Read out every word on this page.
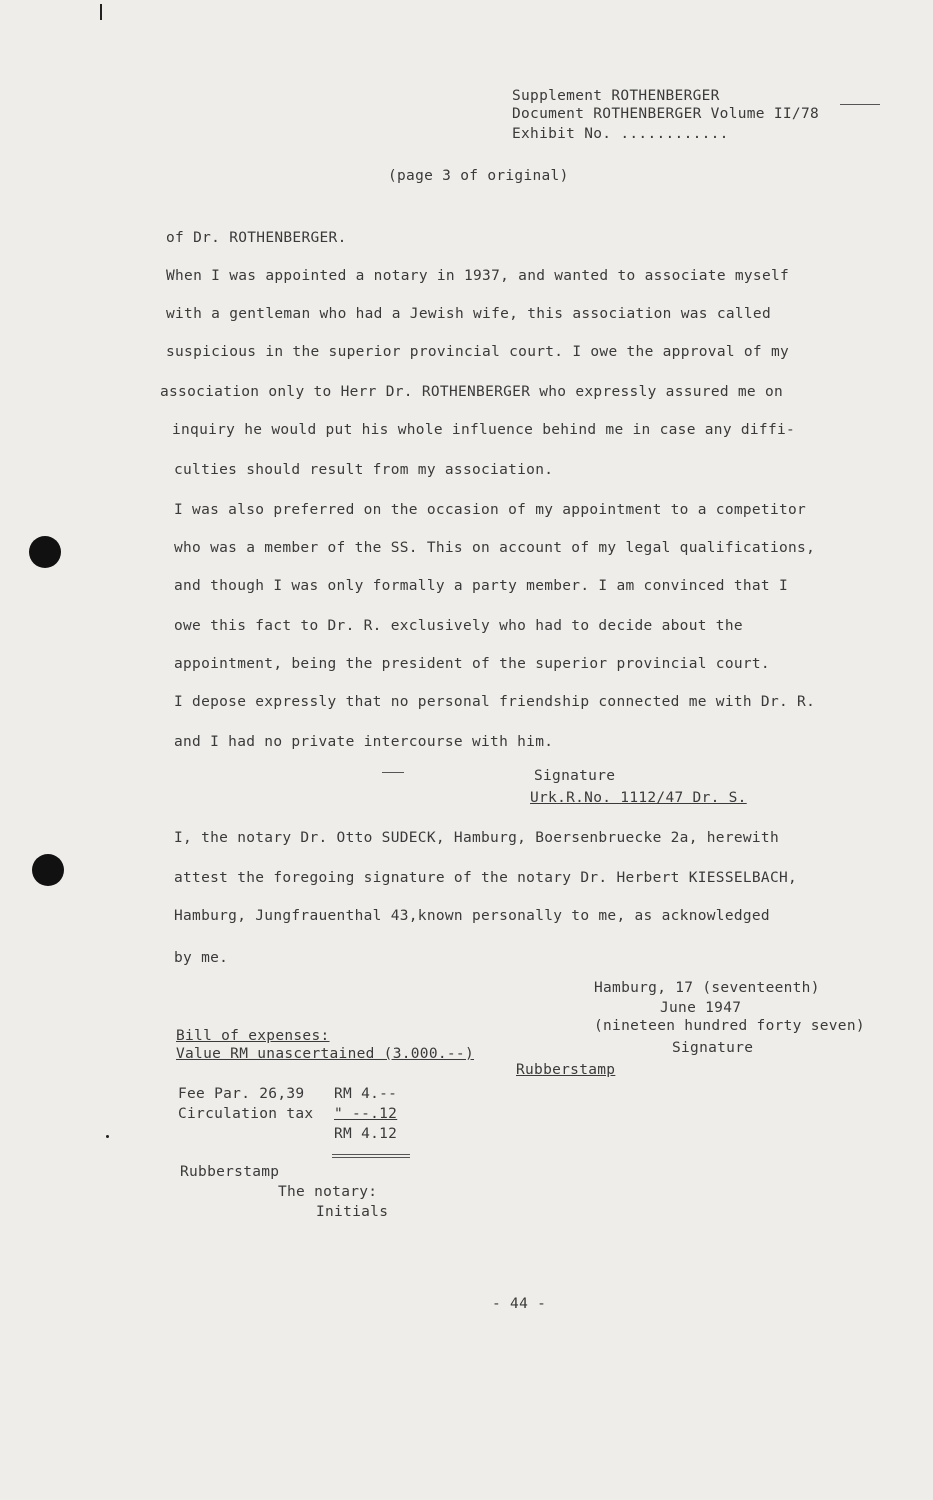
Supplement ROTHENBERGER
Document ROTHENBERGER Volume II/78
Exhibit No. ............
(page 3 of original)
of Dr. ROTHENBERGER.
When I was appointed a notary in 1937, and wanted to associate myself
with a gentleman who had a Jewish wife, this association was called
suspicious in the superior provincial court. I owe the approval of my
association only to Herr Dr. ROTHENBERGER who expressly assured me on
inquiry he would put his whole influence behind me in case any diffi-
culties should result from my association.
I was also preferred on the occasion of my appointment to a competitor
who was a member of the SS. This on account of my legal qualifications,
and though I was only formally a party member. I am convinced that I
owe this fact to Dr. R. exclusively who had to decide about the
appointment, being the president of the superior provincial court.
I depose expressly that no personal friendship connected me with Dr. R.
and I had no private intercourse with him.
Signature
Urk.R.No. 1112/47 Dr. S.
I, the notary Dr. Otto SUDECK, Hamburg, Boersenbruecke 2a, herewith
attest the foregoing signature of the notary Dr. Herbert KIESSELBACH,
Hamburg, Jungfrauenthal 43,known personally to me, as acknowledged
by me.
Hamburg, 17 (seventeenth)
June 1947
(nineteen hundred forty seven)
Signature
Rubberstamp
Bill of expenses:
Value RM unascertained (3.000.--)
Fee Par. 26,39 RM 4.--
Circulation tax " --.12
RM 4.12
Rubberstamp
The notary:
Initials
- 44 -
